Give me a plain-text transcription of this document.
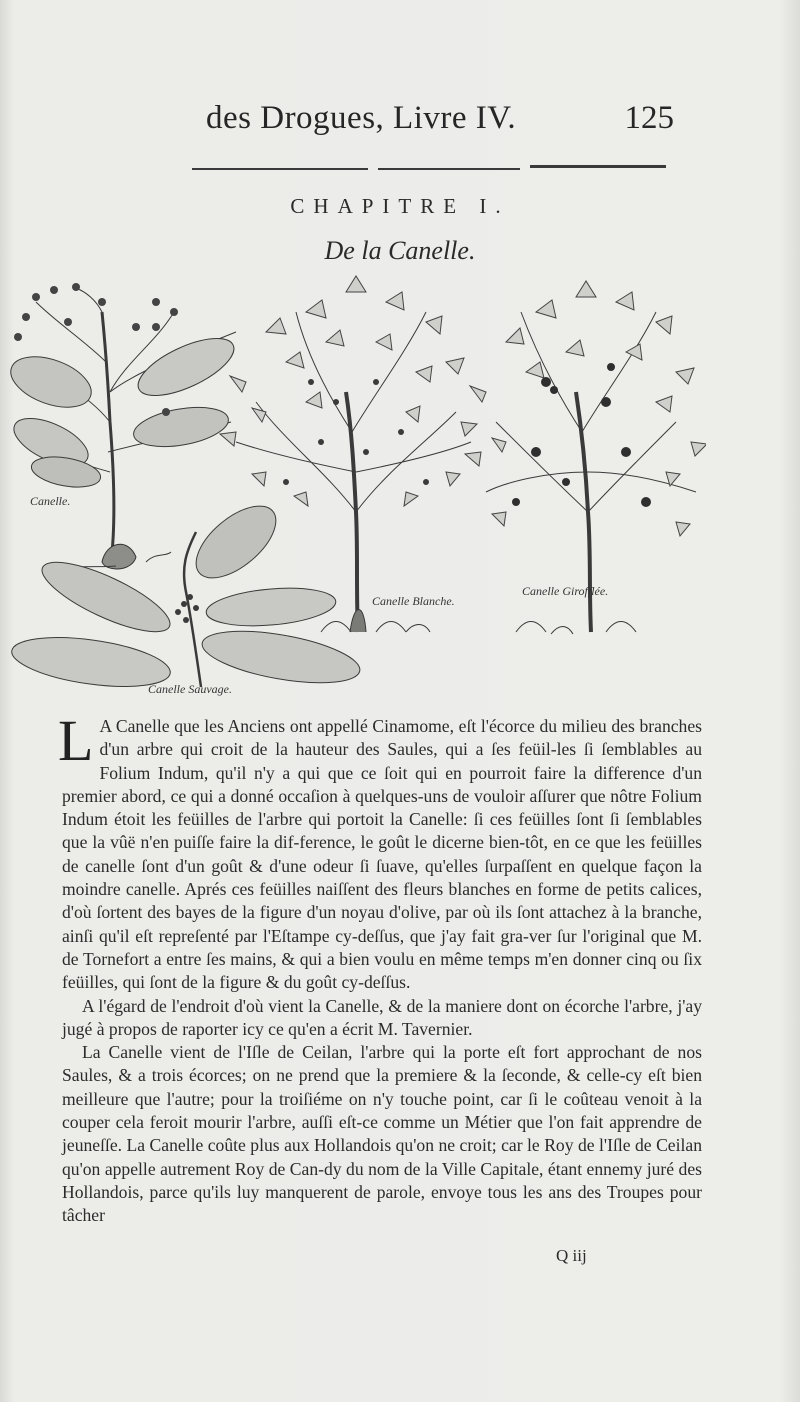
des Drogues, Livre IV.	125
CHAPITRE I.
De la Canelle.
Canelle.
Canelle Blanche.
Canelle Girofflée.
Canelle Sauvage.

L A Canelle que les Anciens ont appellé Cinamome, eſt l'écorce du milieu des branches d'un arbre qui croit de la hauteur des Saules, qui a ſes feüil-les ſi ſemblables au Folium Indum, qu'il n'y a qui que ce ſoit qui en pourroit faire la difference d'un premier abord, ce qui a donné occaſion à quelques-uns de vouloir aſſurer que nôtre Folium Indum étoit les feüilles de l'arbre qui portoit la Canelle: ſi ces feüilles ſont ſi ſemblables que la vûë n'en puiſſe faire la dif-ference, le goût le dicerne bien-tôt, en ce que les feüilles de canelle ſont d'un goût & d'une odeur ſi ſuave, qu'elles ſurpaſſent en quelque façon la moindre canelle. Aprés ces feüilles naiſſent des fleurs blanches en forme de petits calices, d'où ſortent des bayes de la figure d'un noyau d'olive, par où ils ſont attachez à la branche, ainſi qu'il eſt repreſenté par l'Eſtampe cy-deſſus, que j'ay fait gra-ver ſur l'original que M. de Tornefort a entre ſes mains, & qui a bien voulu en même temps m'en donner cinq ou ſix feüilles, qui ſont de la figure & du goût cy-deſſus.

A l'égard de l'endroit d'où vient la Canelle, & de la maniere dont on écorche l'arbre, j'ay jugé à propos de raporter icy ce qu'en a écrit M. Tavernier.

La Canelle vient de l'Iſle de Ceilan, l'arbre qui la porte eſt fort approchant de nos Saules, & a trois écorces; on ne prend que la premiere & la ſeconde, & celle-cy eſt bien meilleure que l'autre; pour la troiſiéme on n'y touche point, car ſi le coûteau venoit à la couper cela feroit mourir l'arbre, auſſi eſt-ce comme un Métier que l'on fait apprendre de jeuneſſe. La Canelle coûte plus aux Hollandois qu'on ne croit; car le Roy de l'Iſle de Ceilan qu'on appelle autrement Roy de Can-dy du nom de la Ville Capitale, étant ennemy juré des Hollandois, parce qu'ils luy manquerent de parole, envoye tous les ans des Troupes pour tâcher

Q iij
